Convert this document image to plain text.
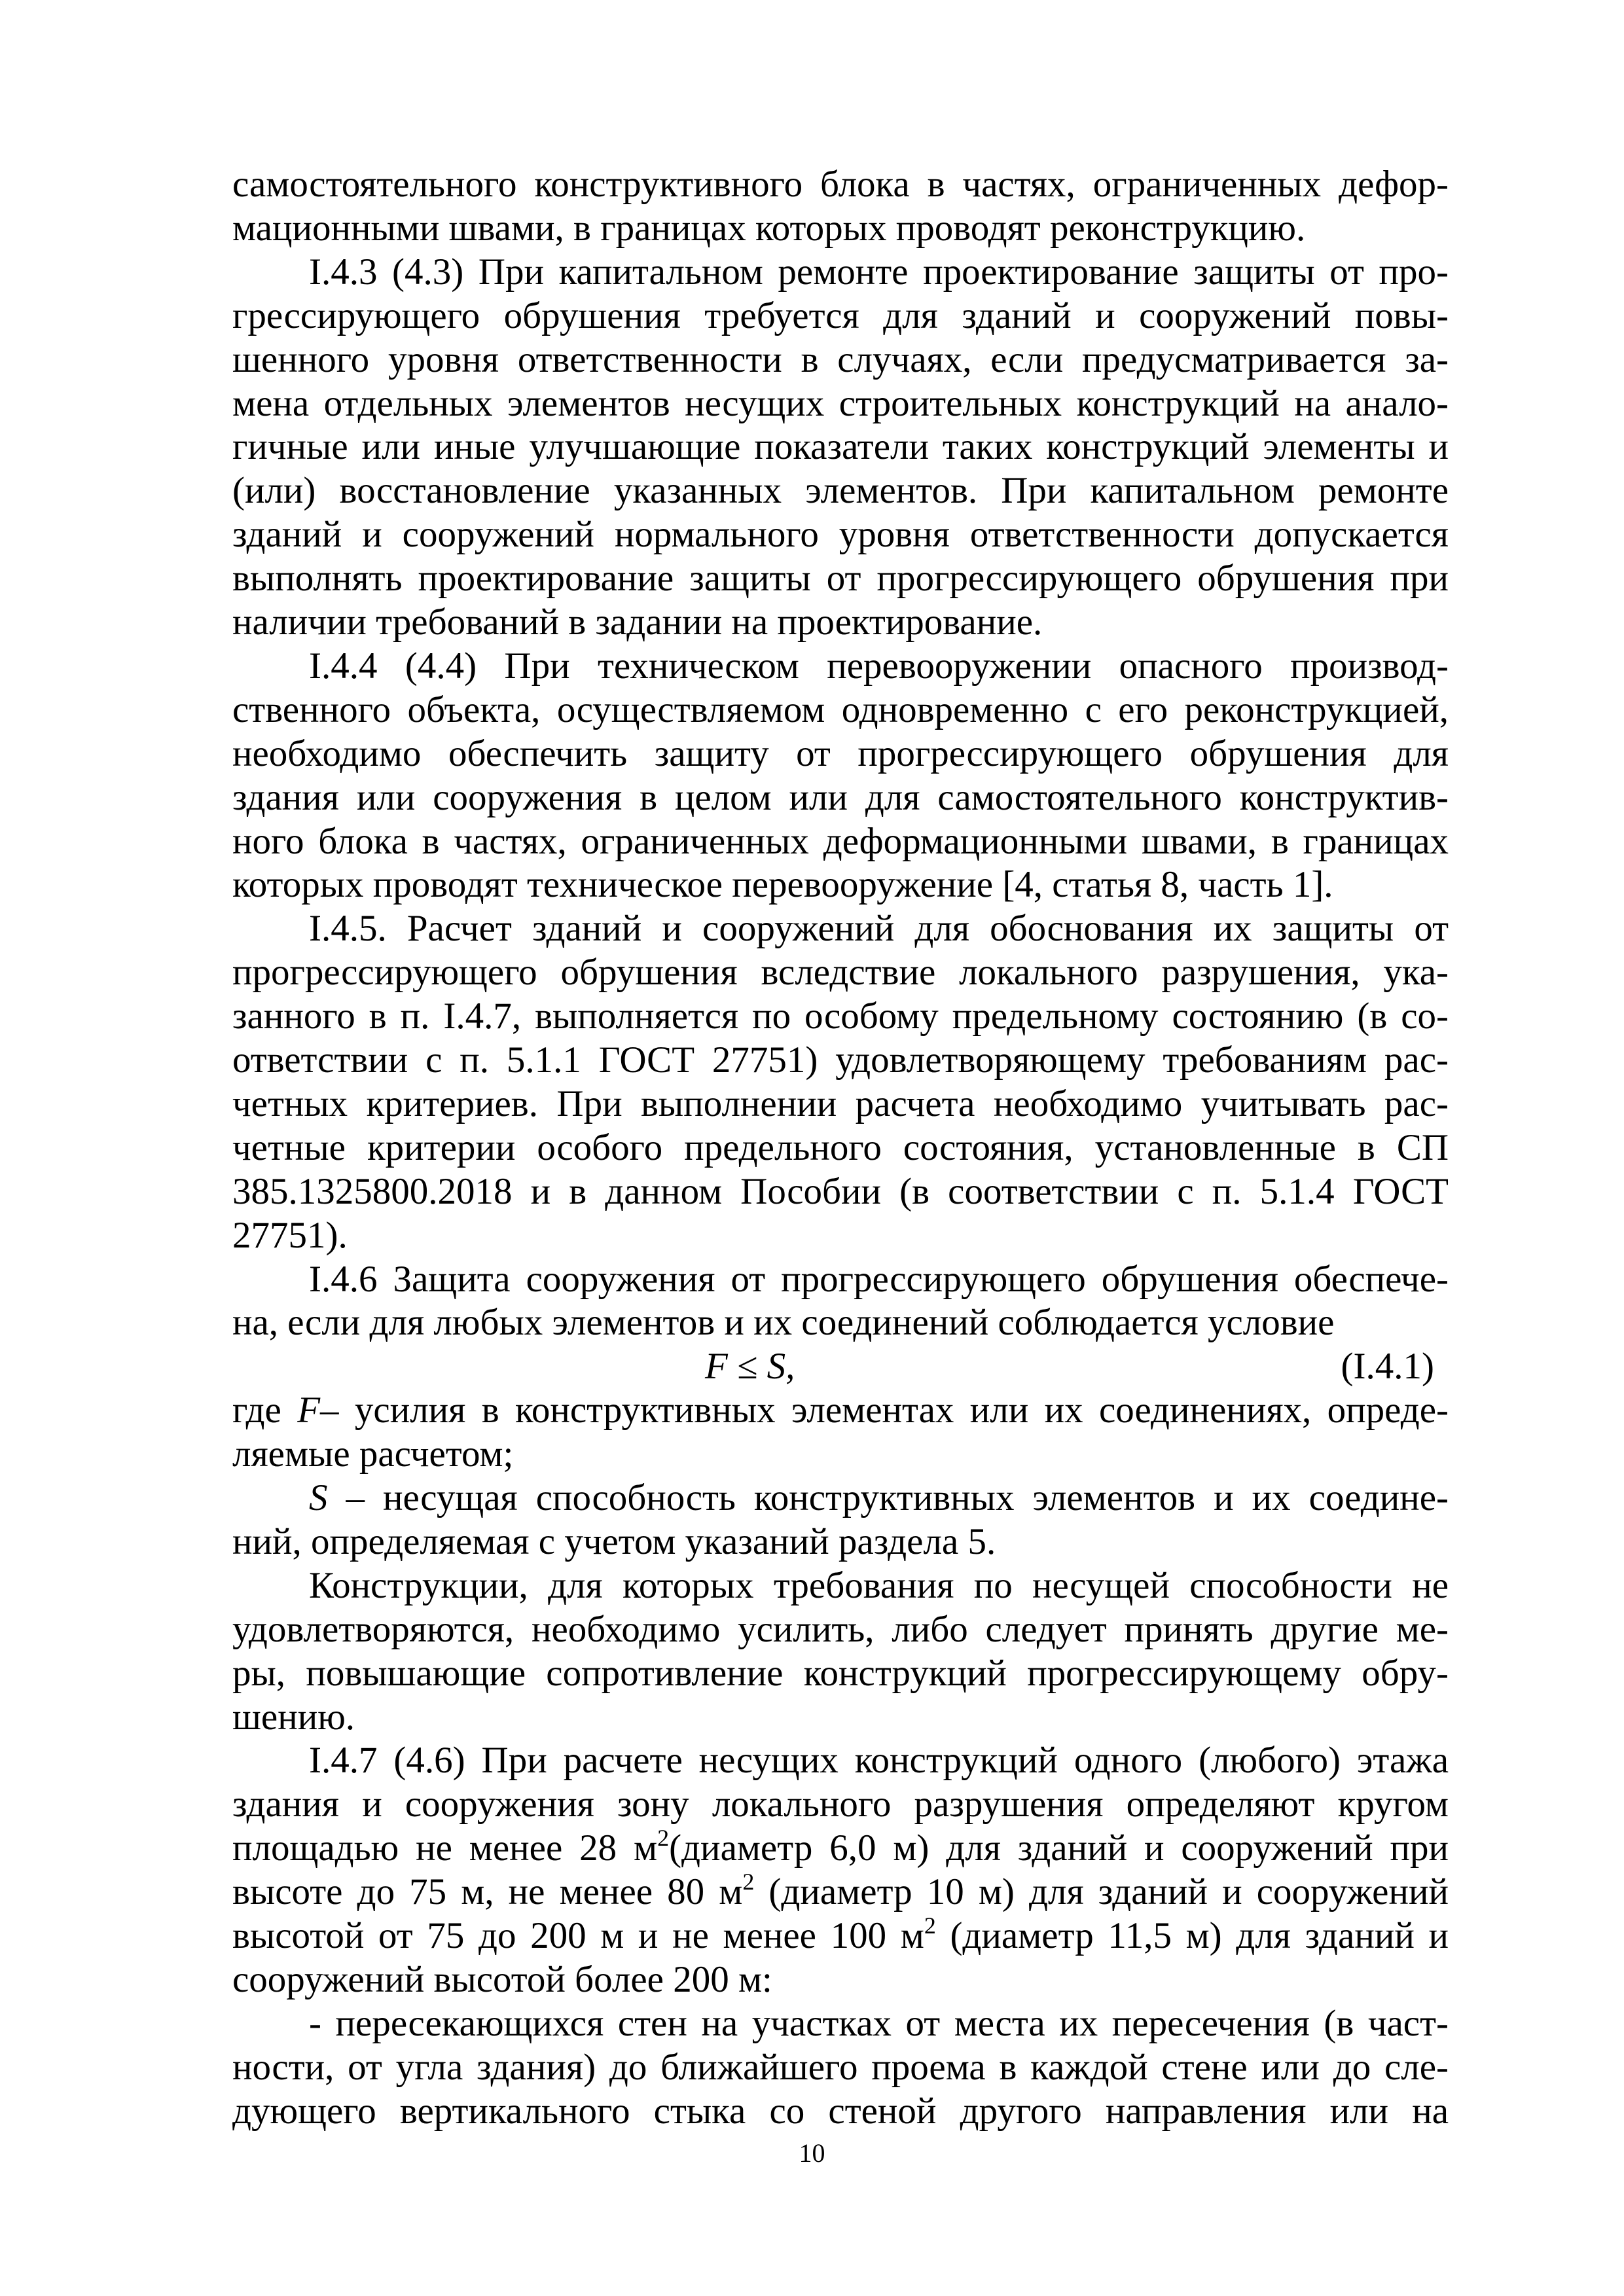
F ≤ S,	(I.4.1)
10
самостоятельного конструктивного блока в частях, ограниченных дефор-
мационными швами, в границах которых проводят реконструкцию.
I.4.3 (4.3) При капитальном ремонте проектирование защиты от про-
грессирующего обрушения требуется для зданий и сооружений повы-
шенного уровня ответственности в случаях, если предусматривается за-
мена отдельных элементов несущих строительных конструкций на анало-
гичные или иные улучшающие показатели таких конструкций элементы и
(или) восстановление указанных элементов. При капитальном ремонте
зданий и сооружений нормального уровня ответственности допускается
выполнять проектирование защиты от прогрессирующего обрушения при
наличии требований в задании на проектирование.
I.4.4 (4.4) При техническом перевооружении опасного производ-
ственного объекта, осуществляемом одновременно с его реконструкцией,
необходимо обеспечить защиту от прогрессирующего обрушения для
здания или сооружения в целом или для самостоятельного конструктив-
ного блока в частях, ограниченных деформационными швами, в границах
которых проводят техническое перевооружение [4, статья 8, часть 1].
I.4.5. Расчет зданий и сооружений для обоснования их защиты от
прогрессирующего обрушения вследствие локального разрушения, ука-
занного в п. I.4.7, выполняется по особому предельному состоянию (в со-
ответствии с п. 5.1.1 ГОСТ 27751) удовлетворяющему требованиям рас-
четных критериев. При выполнении расчета необходимо учитывать рас-
четные критерии особого предельного состояния, установленные в СП
385.1325800.2018 и в данном Пособии (в соответствии с п. 5.1.4 ГОСТ
27751).
I.4.6 Защита сооружения от прогрессирующего обрушения обеспече-
на, если для любых элементов и их соединений соблюдается условие
где F– усилия в конструктивных элементах или их соединениях, опреде-
ляемые расчетом;
S – несущая способность конструктивных элементов и их соедине-
ний, определяемая с учетом указаний раздела 5.
Конструкции, для которых требования по несущей способности не
удовлетворяются, необходимо усилить, либо следует принять другие ме-
ры, повышающие сопротивление конструкций прогрессирующему обру-
шению.
I.4.7 (4.6) При расчете несущих конструкций одного (любого) этажа
здания и сооружения зону локального разрушения определяют кругом
площадью не менее 28 $м^2(диаметр$ 6,0 м) для зданий и сооружений при
высоте до 75 м, не менее 80 $м^2$ (диаметр 10 м) для зданий и сооружений
высотой от 75 до 200 м и не менее 100 $м^2$ (диаметр 11,5 м) для зданий и
сооружений высотой более 200 м:
- пересекающихся стен на участках от места их пересечения (в част-
ности, от угла здания) до ближайшего проема в каждой стене или до сле-
дующего вертикального стыка со стеной другого направления или на
